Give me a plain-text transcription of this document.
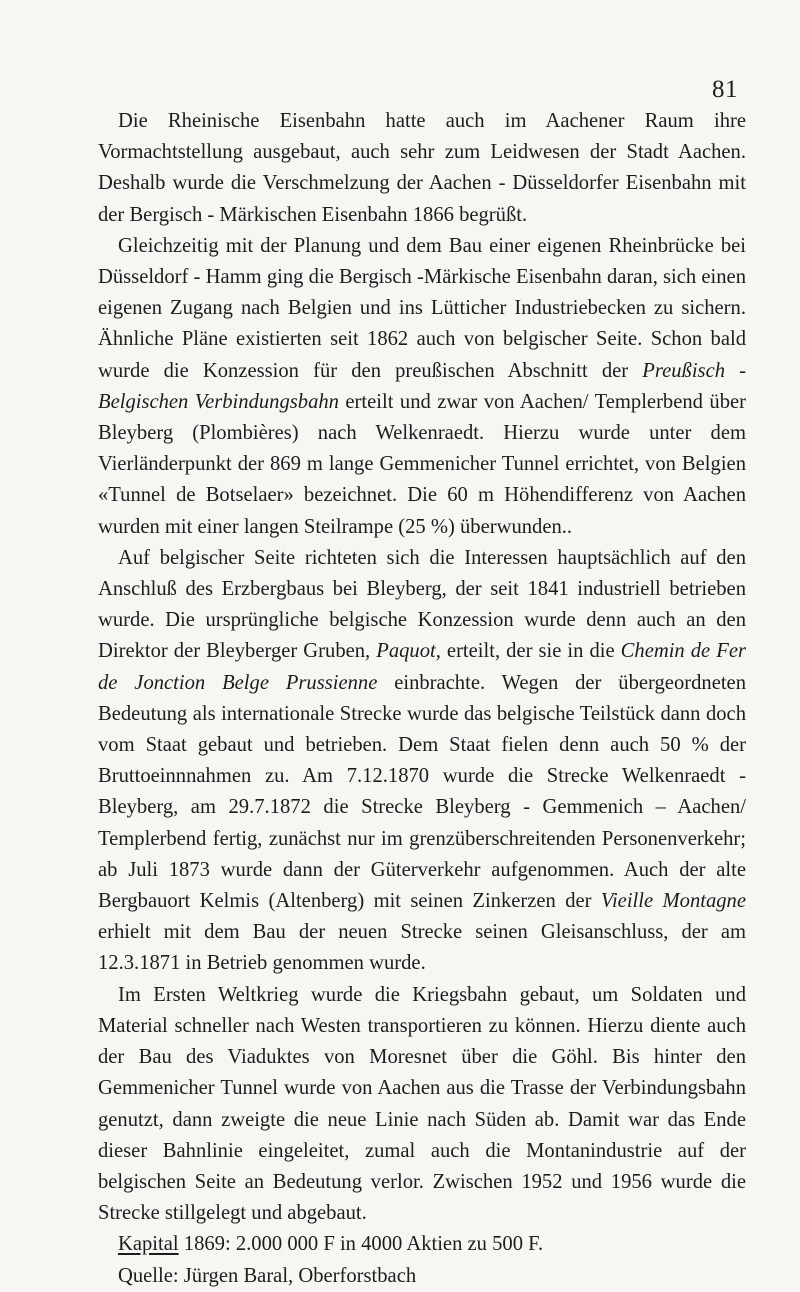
81

Die Rheinische Eisenbahn hatte auch im Aachener Raum ihre Vormachtstellung ausgebaut, auch sehr zum Leidwesen der Stadt Aachen. Deshalb wurde die Verschmelzung der Aachen - Düsseldorfer Eisenbahn mit der Bergisch - Märkischen Eisenbahn 1866 begrüßt.

Gleichzeitig mit der Planung und dem Bau einer eigenen Rheinbrücke bei Düsseldorf - Hamm ging die Bergisch -Märkische Eisenbahn daran, sich einen eigenen Zugang nach Belgien und ins Lütticher Industriebecken zu sichern. Ähnliche Pläne existierten seit 1862 auch von belgischer Seite. Schon bald wurde die Konzession für den preußischen Abschnitt der Preußisch - Belgischen Verbindungsbahn erteilt und zwar von Aachen/ Templerbend über Bleyberg (Plombières) nach Welkenraedt. Hierzu wurde unter dem Vierländerpunkt der 869 m lange Gemmenicher Tunnel errichtet, von Belgien «Tunnel de Botselaer» bezeichnet. Die 60 m Höhendifferenz von Aachen wurden mit einer langen Steilrampe (25 %) überwunden..

Auf belgischer Seite richteten sich die Interessen hauptsächlich auf den Anschluß des Erzbergbaus bei Bleyberg, der seit 1841 industriell betrieben wurde. Die ursprüngliche belgische Konzession wurde denn auch an den Direktor der Bleyberger Gruben, Paquot, erteilt, der sie in die Chemin de Fer de Jonction Belge Prussienne einbrachte. Wegen der übergeordneten Bedeutung als internationale Strecke wurde das belgische Teilstück dann doch vom Staat gebaut und betrieben. Dem Staat fielen denn auch 50 % der Bruttoeinnnahmen zu. Am 7.12.1870 wurde die Strecke Welkenraedt - Bleyberg, am 29.7.1872 die Strecke Bleyberg - Gemmenich – Aachen/ Templerbend fertig, zunächst nur im grenzüberschreitenden Personenverkehr; ab Juli 1873 wurde dann der Güterverkehr aufgenommen. Auch der alte Bergbauort Kelmis (Altenberg) mit seinen Zinkerzen der Vieille Montagne erhielt mit dem Bau der neuen Strecke seinen Gleisanschluss, der am 12.3.1871 in Betrieb genommen wurde.

Im Ersten Weltkrieg wurde die Kriegsbahn gebaut, um Soldaten und Material schneller nach Westen transportieren zu können. Hierzu diente auch der Bau des Viaduktes von Moresnet über die Göhl. Bis hinter den Gemmenicher Tunnel wurde von Aachen aus die Trasse der Verbindungsbahn genutzt, dann zweigte die neue Linie nach Süden ab. Damit war das Ende dieser Bahnlinie eingeleitet, zumal auch die Montanindustrie auf der belgischen Seite an Bedeutung verlor. Zwischen 1952 und 1956 wurde die Strecke stillgelegt und abgebaut.

Kapital 1869: 2.000 000 F in 4000 Aktien zu 500 F.

Quelle: Jürgen Baral, Oberforstbach
